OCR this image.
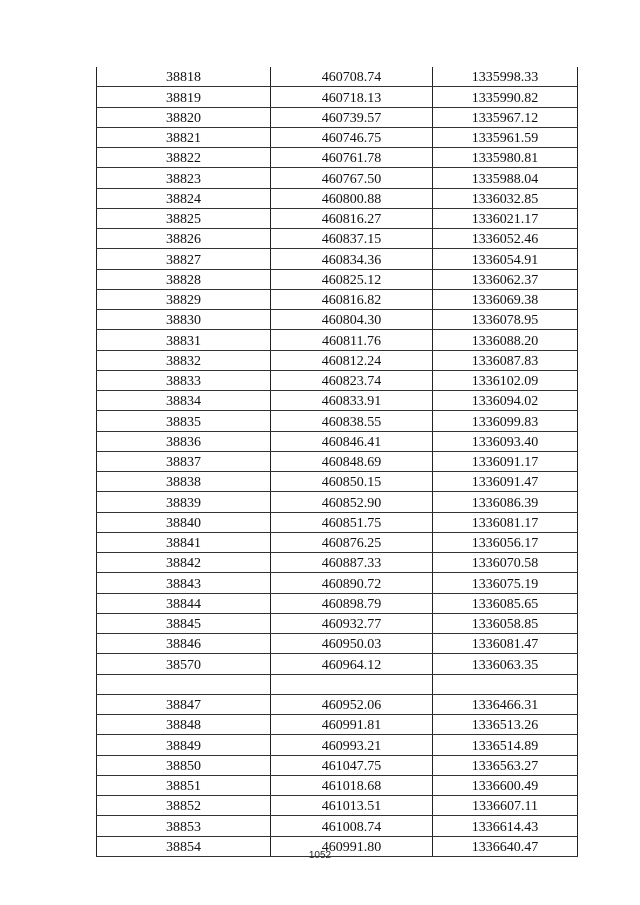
38818	460708.74	1335998.33
38819	460718.13	1335990.82
38820	460739.57	1335967.12
38821	460746.75	1335961.59
38822	460761.78	1335980.81
38823	460767.50	1335988.04
38824	460800.88	1336032.85
38825	460816.27	1336021.17
38826	460837.15	1336052.46
38827	460834.36	1336054.91
38828	460825.12	1336062.37
38829	460816.82	1336069.38
38830	460804.30	1336078.95
38831	460811.76	1336088.20
38832	460812.24	1336087.83
38833	460823.74	1336102.09
38834	460833.91	1336094.02
38835	460838.55	1336099.83
38836	460846.41	1336093.40
38837	460848.69	1336091.17
38838	460850.15	1336091.47
38839	460852.90	1336086.39
38840	460851.75	1336081.17
38841	460876.25	1336056.17
38842	460887.33	1336070.58
38843	460890.72	1336075.19
38844	460898.79	1336085.65
38845	460932.77	1336058.85
38846	460950.03	1336081.47
38570	460964.12	1336063.35

38847	460952.06	1336466.31
38848	460991.81	1336513.26
38849	460993.21	1336514.89
38850	461047.75	1336563.27
38851	461018.68	1336600.49
38852	461013.51	1336607.11
38853	461008.74	1336614.43
38854	460991.80	1336640.47
1052
